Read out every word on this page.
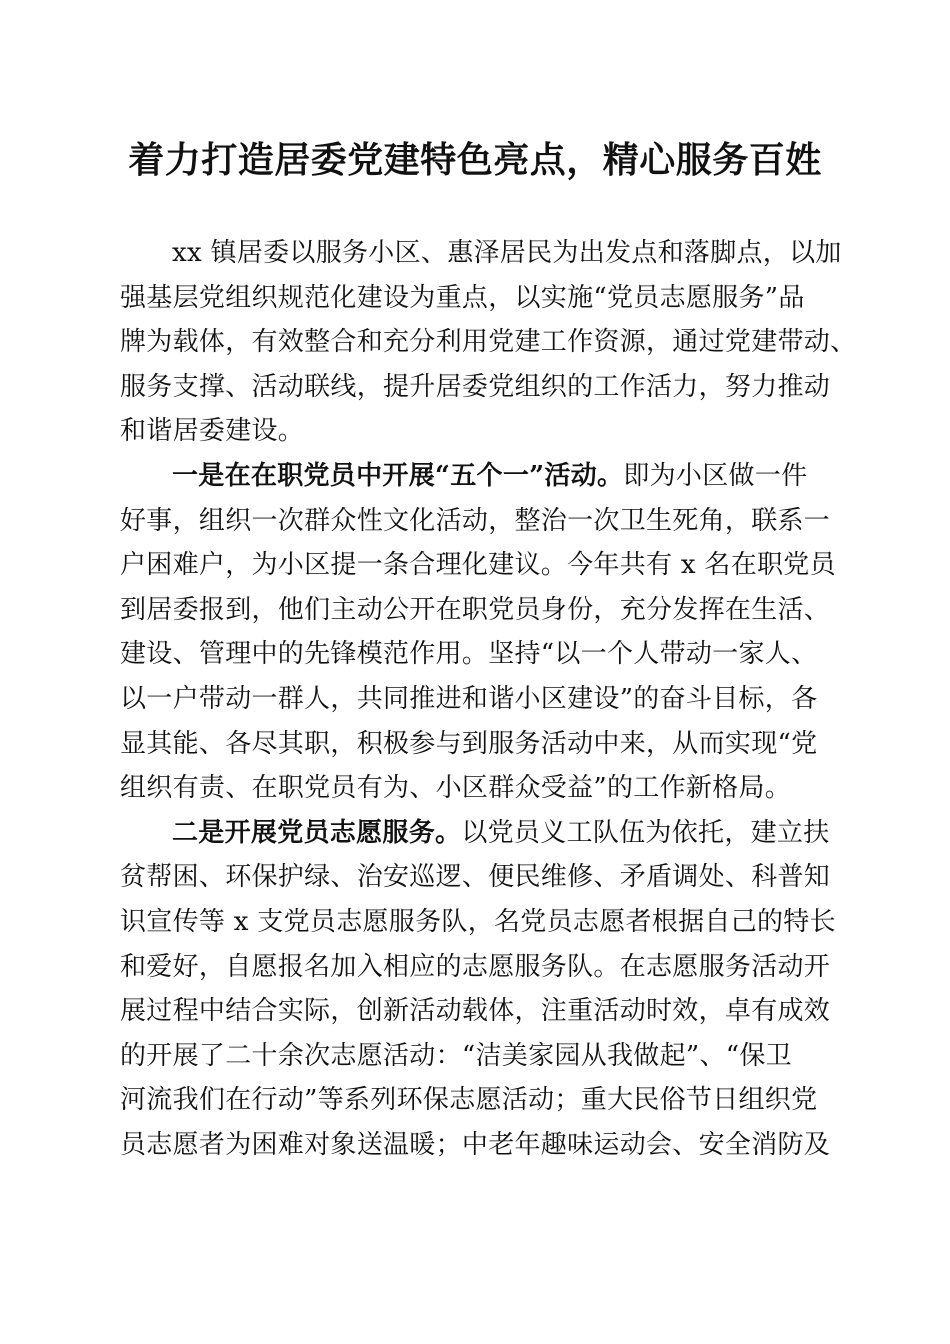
着力打造居委党建特色亮点，精心服务百姓
xx 镇居委以服务小区、惠泽居民为出发点和落脚点，以加
强基层党组织规范化建设为重点，以实施“党员志愿服务”品
牌为载体，有效整合和充分利用党建工作资源，通过党建带动、
服务支撑、活动联线，提升居委党组织的工作活力，努力推动
和谐居委建设。
一是在在职党员中开展“五个一”活动。即为小区做一件
好事，组织一次群众性文化活动，整治一次卫生死角，联系一
户困难户，为小区提一条合理化建议。今年共有 x 名在职党员
到居委报到，他们主动公开在职党员身份，充分发挥在生活、
建设、管理中的先锋模范作用。坚持“以一个人带动一家人、
以一户带动一群人，共同推进和谐小区建设”的奋斗目标，各
显其能、各尽其职，积极参与到服务活动中来，从而实现“党
组织有责、在职党员有为、小区群众受益”的工作新格局。
二是开展党员志愿服务。以党员义工队伍为依托，建立扶
贫帮困、环保护绿、治安巡逻、便民维修、矛盾调处、科普知
识宣传等 x 支党员志愿服务队，名党员志愿者根据自己的特长
和爱好，自愿报名加入相应的志愿服务队。在志愿服务活动开
展过程中结合实际，创新活动载体，注重活动时效，卓有成效
的开展了二十余次志愿活动：“洁美家园从我做起”、“保卫
河流我们在行动”等系列环保志愿活动；重大民俗节日组织党
员志愿者为困难对象送温暖；中老年趣味运动会、安全消防及
